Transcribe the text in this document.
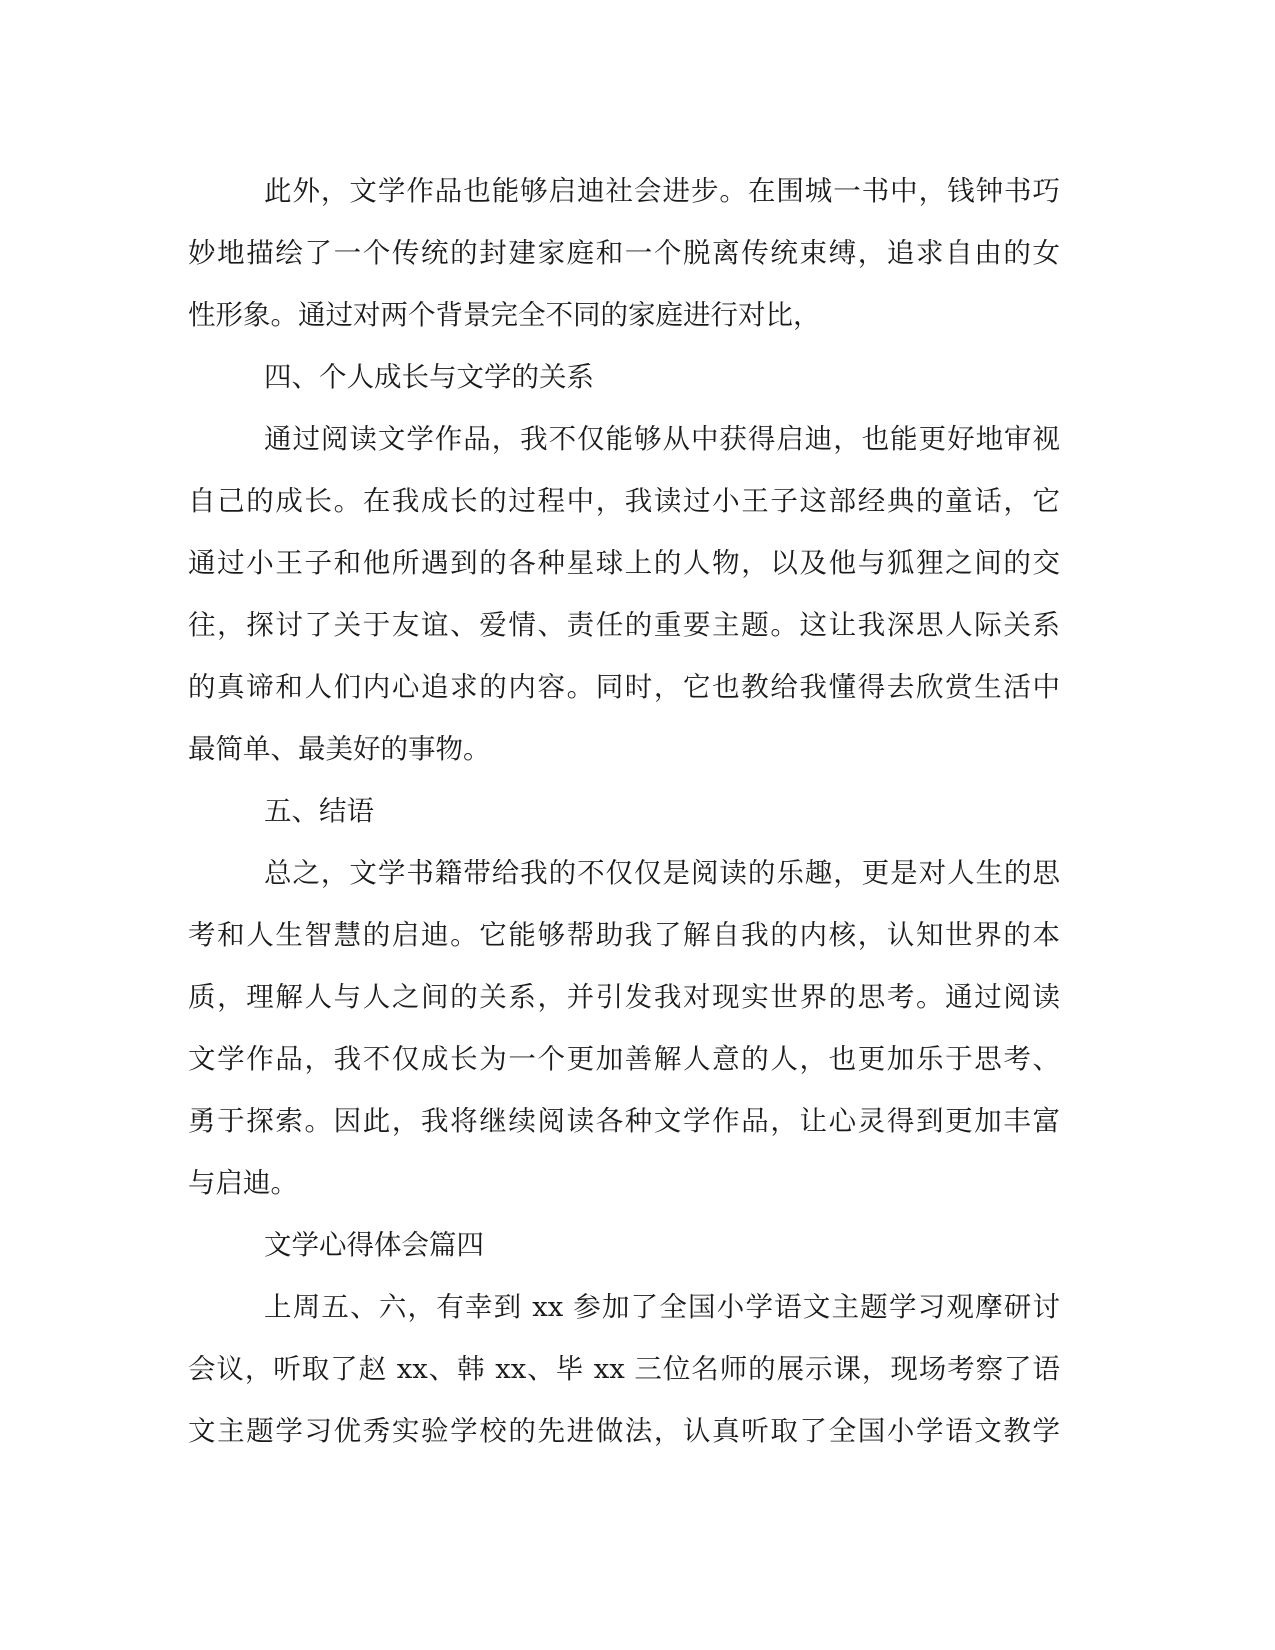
此外，文学作品也能够启迪社会进步。在围城一书中，钱钟书巧
妙地描绘了一个传统的封建家庭和一个脱离传统束缚，追求自由的女
性形象。通过对两个背景完全不同的家庭进行对比，
四、个人成长与文学的关系
通过阅读文学作品，我不仅能够从中获得启迪，也能更好地审视
自己的成长。在我成长的过程中，我读过小王子这部经典的童话，它
通过小王子和他所遇到的各种星球上的人物，以及他与狐狸之间的交
往，探讨了关于友谊、爱情、责任的重要主题。这让我深思人际关系
的真谛和人们内心追求的内容。同时，它也教给我懂得去欣赏生活中
最简单、最美好的事物。
五、结语
总之，文学书籍带给我的不仅仅是阅读的乐趣，更是对人生的思
考和人生智慧的启迪。它能够帮助我了解自我的内核，认知世界的本
质，理解人与人之间的关系，并引发我对现实世界的思考。通过阅读
文学作品，我不仅成长为一个更加善解人意的人，也更加乐于思考、
勇于探索。因此，我将继续阅读各种文学作品，让心灵得到更加丰富
与启迪。
文学心得体会篇四
上周五、六，有幸到 xx 参加了全国小学语文主题学习观摩研讨
会议，听取了赵 xx、韩 xx、毕 xx 三位名师的展示课，现场考察了语
文主题学习优秀实验学校的先进做法，认真听取了全国小学语文教学
